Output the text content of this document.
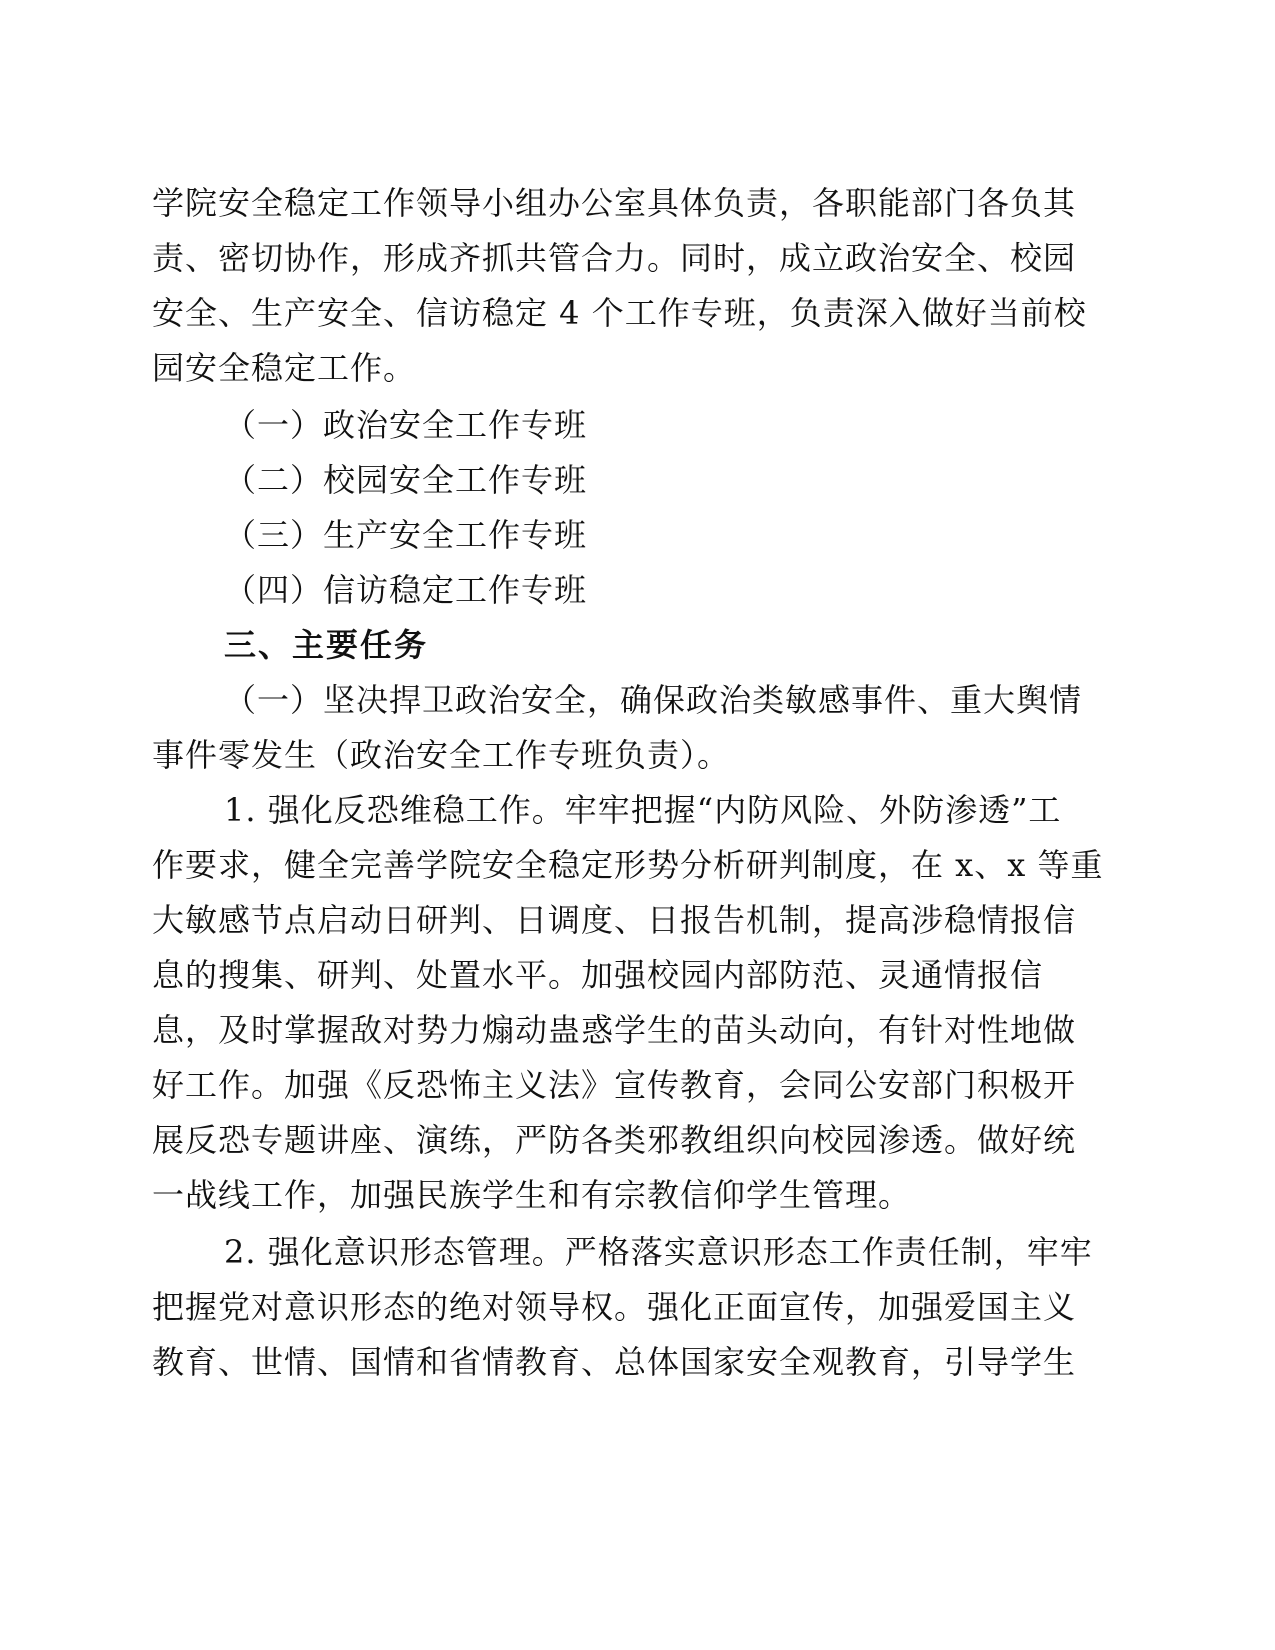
学院安全稳定工作领导小组办公室具体负责，各职能部门各负其
责、密切协作，形成齐抓共管合力。同时，成立政治安全、校园
安全、生产安全、信访稳定 4 个工作专班，负责深入做好当前校
园安全稳定工作。
（一）政治安全工作专班
（二）校园安全工作专班
（三）生产安全工作专班
（四）信访稳定工作专班
三、主要任务
（一）坚决捍卫政治安全，确保政治类敏感事件、重大舆情
事件零发生（政治安全工作专班负责）。
1. 强化反恐维稳工作。牢牢把握“内防风险、外防渗透”工
作要求，健全完善学院安全稳定形势分析研判制度，在 x、x 等重
大敏感节点启动日研判、日调度、日报告机制，提高涉稳情报信
息的搜集、研判、处置水平。加强校园内部防范、灵通情报信
息，及时掌握敌对势力煽动蛊惑学生的苗头动向，有针对性地做
好工作。加强《反恐怖主义法》宣传教育，会同公安部门积极开
展反恐专题讲座、演练，严防各类邪教组织向校园渗透。做好统
一战线工作，加强民族学生和有宗教信仰学生管理。
2. 强化意识形态管理。严格落实意识形态工作责任制，牢牢
把握党对意识形态的绝对领导权。强化正面宣传，加强爱国主义
教育、世情、国情和省情教育、总体国家安全观教育，引导学生
